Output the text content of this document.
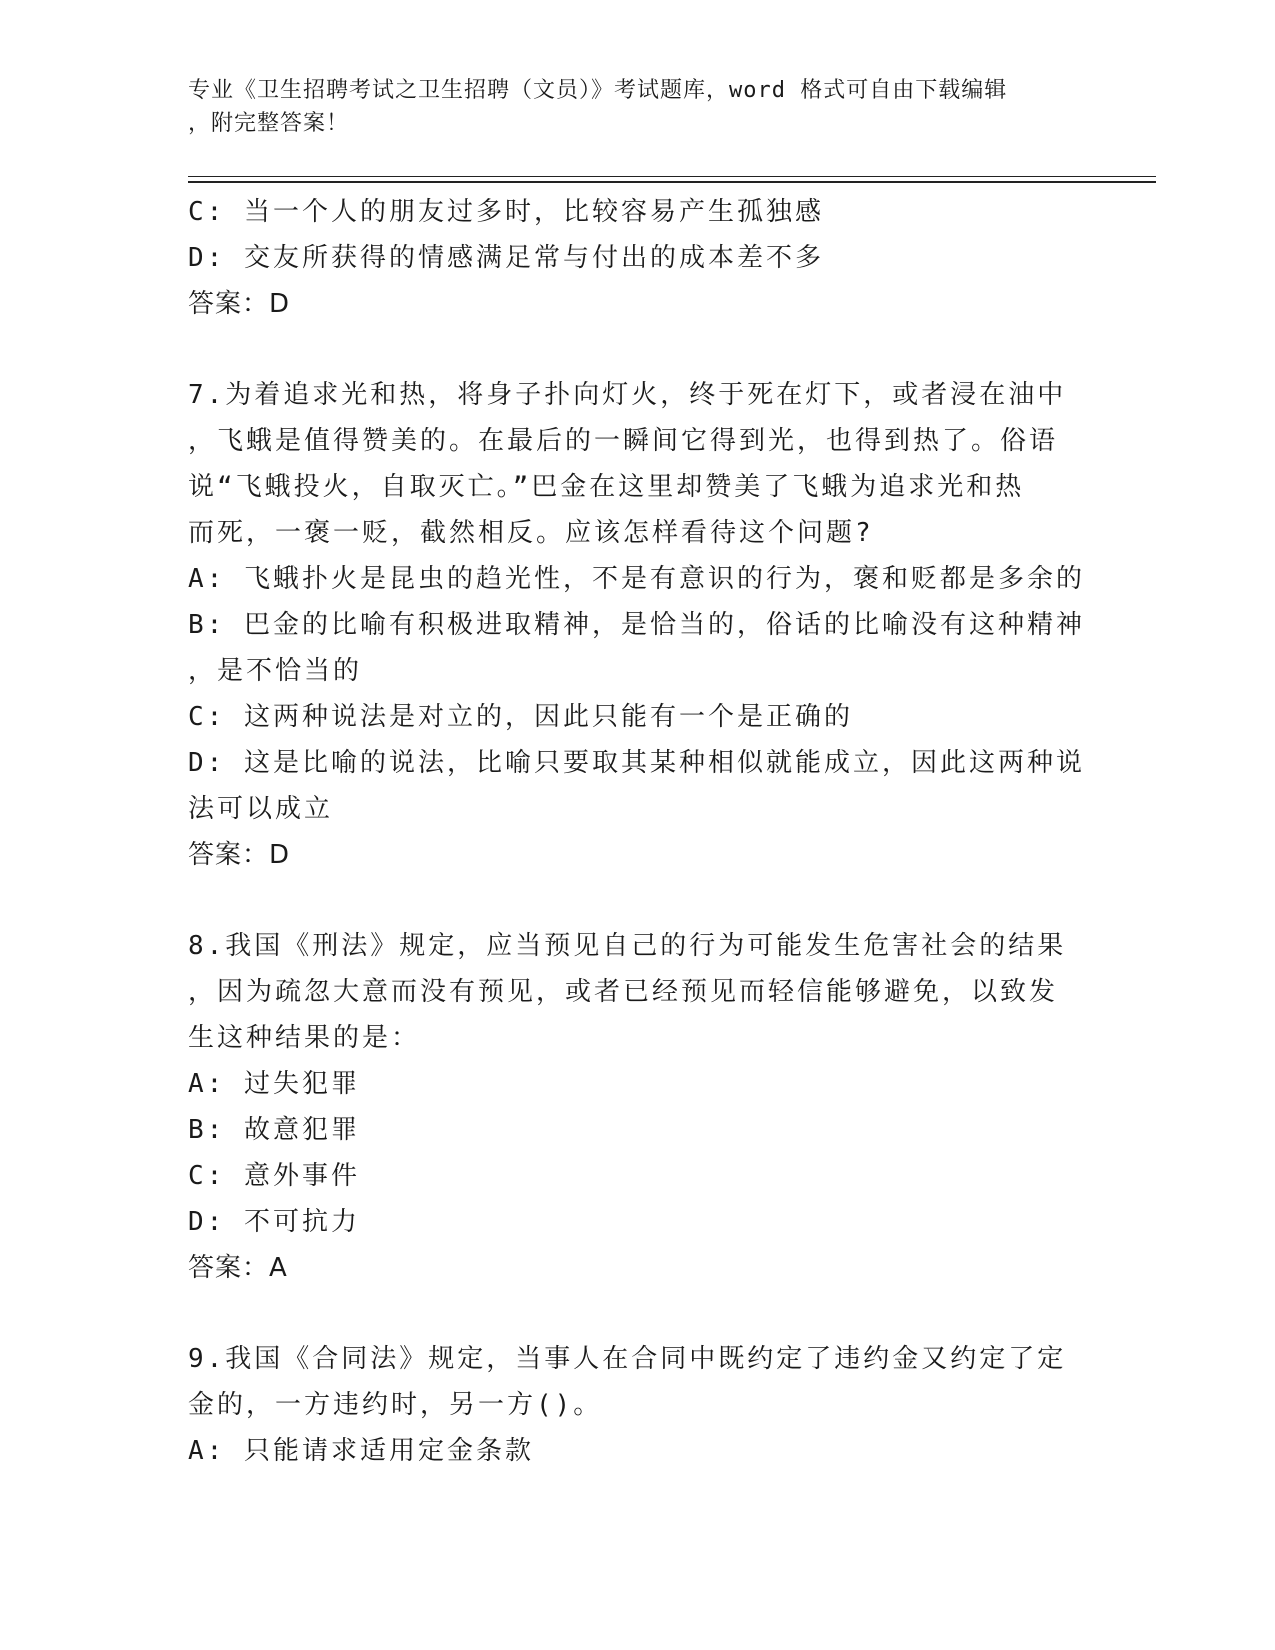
专业《卫生招聘考试之卫生招聘（文员）》考试题库，word 格式可自由下载编辑
，附完整答案！
C: 当一个人的朋友过多时，比较容易产生孤独感
D: 交友所获得的情感满足常与付出的成本差不多
答案：D
7.为着追求光和热，将身子扑向灯火，终于死在灯下，或者浸在油中
，飞蛾是值得赞美的。在最后的一瞬间它得到光，也得到热了。俗语
说“飞蛾投火，自取灭亡。”巴金在这里却赞美了飞蛾为追求光和热
而死，一褒一贬，截然相反。应该怎样看待这个问题?
A: 飞蛾扑火是昆虫的趋光性，不是有意识的行为，褒和贬都是多余的
B: 巴金的比喻有积极进取精神，是恰当的，俗话的比喻没有这种精神
，是不恰当的
C: 这两种说法是对立的，因此只能有一个是正确的
D: 这是比喻的说法，比喻只要取其某种相似就能成立，因此这两种说
法可以成立
答案：D
8.我国《刑法》规定，应当预见自己的行为可能发生危害社会的结果
，因为疏忽大意而没有预见，或者已经预见而轻信能够避免，以致发
生这种结果的是：
A: 过失犯罪
B: 故意犯罪
C: 意外事件
D: 不可抗力
答案：A
9.我国《合同法》规定，当事人在合同中既约定了违约金又约定了定
金的，一方违约时，另一方()。
A: 只能请求适用定金条款
